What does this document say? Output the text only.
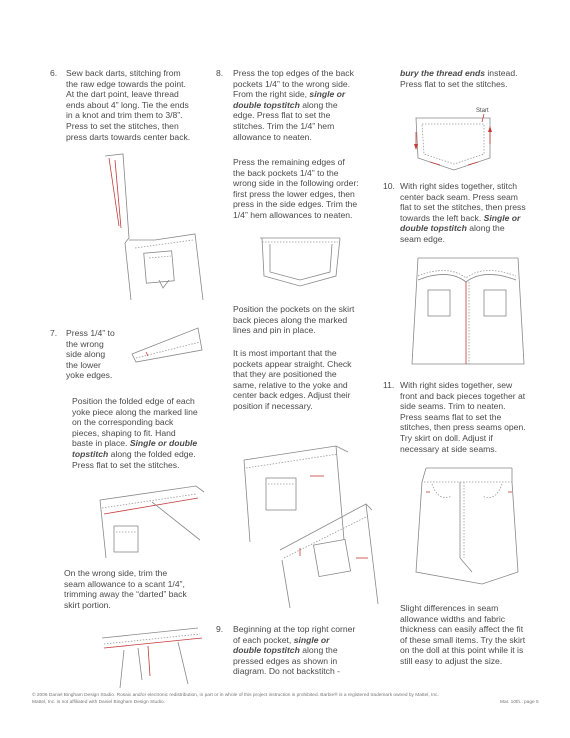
6. Sew back darts, stitching from
the raw edge towards the point.
At the dart point, leave thread
ends about 4” long. Tie the ends
in a knot and trim them to 3/8”.
Press to set the stitches, then
press darts towards center back.
7. Press 1/4” to
the wrong
side along
the lower
yoke edges.
Position the folded edge of each
yoke piece along the marked line
on the corresponding back
pieces, shaping to fit. Hand
baste in place. Single or double
topstitch along the folded edge.
Press flat to set the stitches.
On the wrong side, trim the
seam allowance to a scant 1/4”,
trimming away the “darted” back
skirt portion.
8. Press the top edges of the back
pockets 1/4” to the wrong side.
From the right side, single or
double topstitch along the
edge. Press flat to set the
stitches. Trim the 1/4” hem
allowance to neaten.
Press the remaining edges of
the back pockets 1/4” to the
wrong side in the following order:
first press the lower edges, then
press in the side edges. Trim the
1/4” hem allowances to neaten.
Position the pockets on the skirt
back pieces along the marked
lines and pin in place.
It is most important that the
pockets appear straight. Check
that they are positioned the
same, relative to the yoke and
center back edges. Adjust their
position if necessary.
9. Beginning at the top right corner
of each pocket, single or
double topstitch along the
pressed edges as shown in
diagram. Do not backstitch -
bury the thread ends instead.
Press flat to set the stitches.
Start
10. With right sides together, stitch
center back seam. Press seam
flat to set the stitches, then press
towards the left back. Single or
double topstitch along the
seam edge.
11. With right sides together, sew
front and back pieces together at
side seams. Trim to neaten.
Press seams flat to set the
stitches, then press seams open.
Try skirt on doll. Adjust if
necessary at side seams.
Slight differences in seam
allowance widths and fabric
thickness can easily affect the fit
of these small items. Try the skirt
on the doll at this point while it is
still easy to adjust the size.
© 2006 Daniel Bingham Design Studio. Rosaic and/or electronic redistribution, in part or in whole of this project instruction is prohibited. Barbie® is a registered trademark owned by Mattel, Inc.
Mattel, Inc. is not affiliated with Daniel Bingham Design Studio.	Mar. 10th.. page 5
